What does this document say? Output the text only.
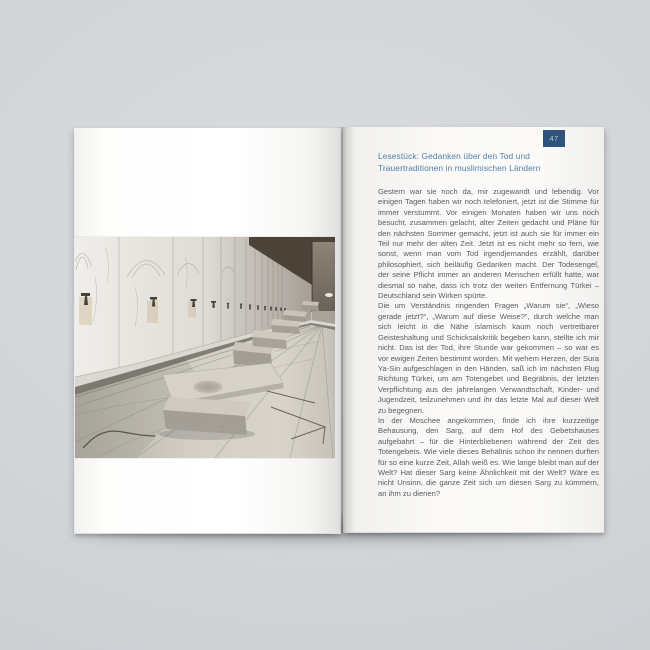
47
Lesestück: Gedanken über den Tod und
Trauertraditionen in muslimischen Ländern

Gestern war sie noch da, mir zugewandt und lebendig. Vor einigen Tagen haben wir noch telefoniert, jetzt ist die Stimme für immer verstummt. Vor einigen Monaten haben wir uns noch besucht, zusammen gelacht, alter Zeiten gedacht und Pläne für den nächsten Sommer gemacht, jetzt ist auch sie für immer ein Teil nur mehr der alten Zeit. Jetzt ist es nicht mehr so fern, wie sonst, wenn man vom Tod irgendjemandes erzählt, darüber philosophiert, sich beiläufig Gedanken macht. Der Todesengel, der seine Pflicht immer an anderen Menschen erfüllt hatte, war diesmal so nahe, dass ich trotz der weiten Entfernung Türkei – Deutschland sein Wirken spürte.

Die um Verständnis ringenden Fragen „Warum sie“, „Wieso gerade jetzt?“, „Warum auf diese Weise?“, durch welche man sich leicht in die Nähe islamisch kaum noch vertretbarer Geisteshaltung und Schicksalskritik begeben kann, stellte ich mir nicht. Das ist der Tod, ihre Stunde war gekommen – so war es vor ewigen Zeiten bestimmt worden. Mit wehem Herzen, der Sura Ya-Sin aufgeschlagen in den Händen, saß ich im nächsten Flug Richtung Türkei, um am Totengebet und Begräbnis, der letzten Verpflichtung aus der jahrelangen Verwandtschaft, Kinder- und Jugendzeit, teilzunehmen und ihr das letzte Mal auf dieser Welt zu begegnen.

In der Moschee angekommen, finde ich ihre kurzzeitige Behausung, den Sarg, auf dem Hof des Gebetshauses aufgebahrt – für die Hinterbliebenen während der Zeit des Totengebets. Wie viele dieses Behältnis schon ihr nennen durften für so eine kurze Zeit, Allah weiß es. Wie lange bleibt man auf der Welt? Hat dieser Sarg keine Ähnlichkeit mit der Welt? Wäre es nicht Unsinn, die ganze Zeit sich um diesen Sarg zu kümmern, an ihm zu dienen?
